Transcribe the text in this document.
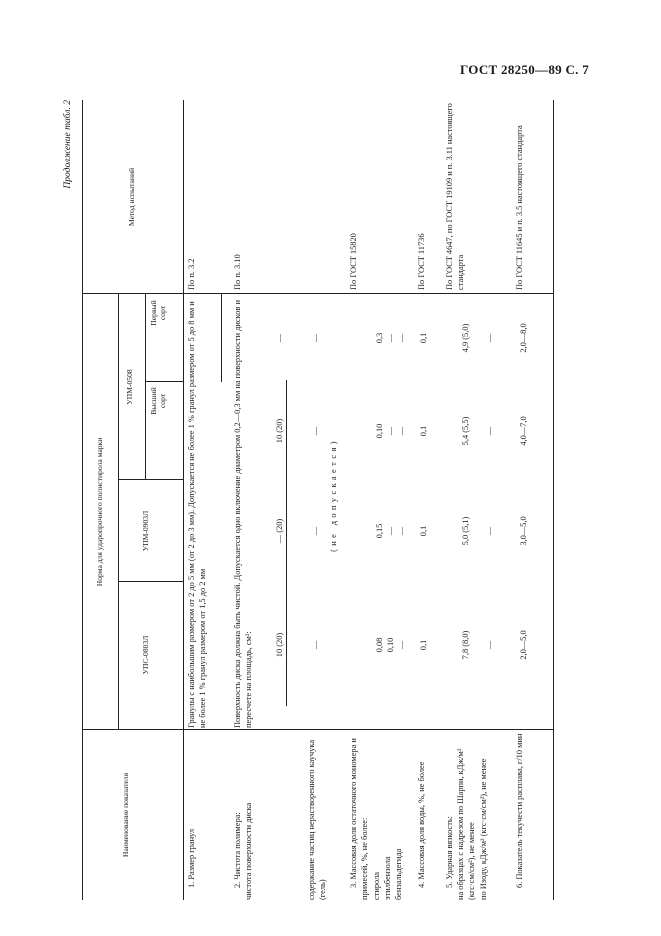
ГОСТ 28250—89 С. 7
Продолжение табл. 2
Наименование показателя
Норма для ударопрочного полистирола марки
УПС-0803Л
УПМ-0903Л
УПМ-0508 Высший сорт
Первый сорт
Метод испытаний
1. Размер гранул
Гранулы с наибольшим размером от 2 до 5 мм (от 2 до 3 мм). Допускается не более 1 % гранул размером от 5 до 8 мм и не более 1 % гранул размером от 1,5 до 2 мм
По п. 3.2
2. Чистота полимера: чистота поверхности диска
Поверхность диска должна быть чистой. Допускается одно включение диаметром 0,2—0,3 мм на поверхности дисков и пересчете на площадь, см²:
По п. 3.10
10 (20)
— (20)
10 (20)
—
содержание частиц нерастворенного каучука (гель)
—
—
—
—
(не допускается)
3. Массовая доля остаточного мономера и примесей, %, не более: стирола этилбензола бензальдегида
По ГОСТ 15820
0,08 0,10 —
0,15 — —
0,10 — —
0,3 — —
4. Массовая доля воды, %, не более
0,1
0,1
0,1
0,1
По ГОСТ 11736
5. Ударная вязкость: на образцах с надрезом по Шарпи, кДж/м² (кгс·см/см²), не менее по Изоду, кДж/м² (кгс·см/см²), не менее
7,8 (8,0)
5,0 (5,1)
5,4 (5,5)
4,9 (5,0)
—
—
—
—
По ГОСТ 4647, по ГОСТ 19109 и п. 3.11 настоящего стандарта
6. Показатель текучести расплава, г/10 мин
2,0—5,0
3,0—5,0
4,0—7,0
2,0—8,0
По ГОСТ 11645 и п. 3.5 настоящего стандарта
